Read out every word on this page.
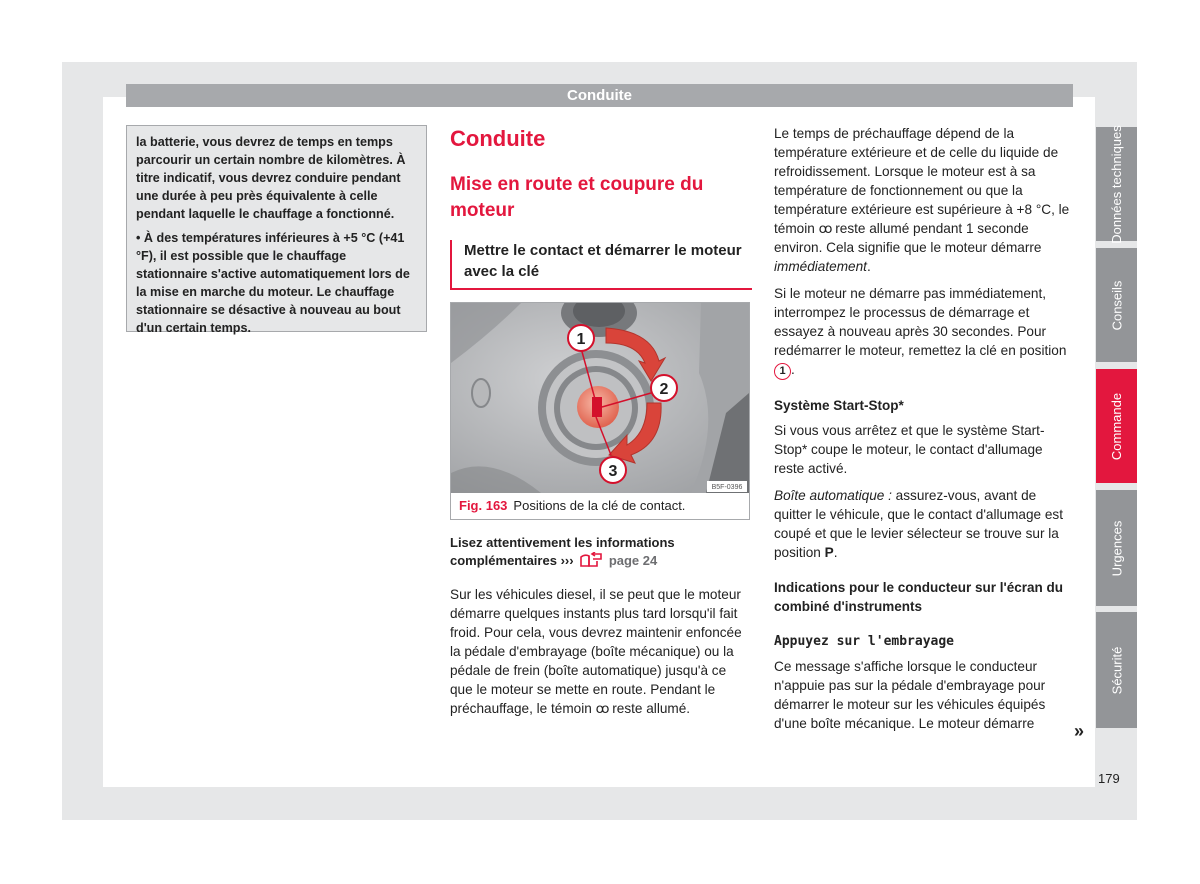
Conduite

la batterie, vous devrez de temps en temps parcourir un certain nombre de kilomètres. À titre indicatif, vous devrez conduire pendant une durée à peu près équivalente à celle pendant laquelle le chauffage a fonctionné.

• À des températures inférieures à +5 °C (+41 °F), il est possible que le chauffage stationnaire s'active automatiquement lors de la mise en marche du moteur. Le chauffage stationnaire se désactive à nouveau au bout d'un certain temps.

Conduite
Mise en route et coupure du moteur
Mettre le contact et démarrer le moteur avec la clé
1
2
3
B5F-0396
Fig. 163 Positions de la clé de contact.
Lisez attentivement les informations complémentaires ›››	page 24
Sur les véhicules diesel, il se peut que le moteur démarre quelques instants plus tard lorsqu'il fait froid. Pour cela, vous devrez maintenir enfoncée la pédale d'embrayage (boîte mécanique) ou la pédale de frein (boîte automatique) jusqu'à ce que le moteur se mette en route. Pendant le préchauffage, le témoin ꝏ reste allumé.

Le temps de préchauffage dépend de la température extérieure et de celle du liquide de refroidissement. Lorsque le moteur est à sa température de fonctionnement ou que la température extérieure est supérieure à +8 °C, le témoin ꝏ reste allumé pendant 1 seconde environ. Cela signifie que le moteur démarre immédiatement.

Si le moteur ne démarre pas immédiatement, interrompez le processus de démarrage et essayez à nouveau après 30 secondes. Pour redémarrer le moteur, remettez la clé en position 1 .

Système Start-Stop*

Si vous vous arrêtez et que le système Start-Stop* coupe le moteur, le contact d'allumage reste activé.

Boîte automatique : assurez-vous, avant de quitter le véhicule, que le contact d'allumage est coupé et que le levier sélecteur se trouve sur la position P.

Indications pour le conducteur sur l'écran du combiné d'instruments
Appuyez sur l'embrayage

Ce message s'affiche lorsque le conducteur n'appuie pas sur la pédale d'embrayage pour démarrer le moteur sur les véhicules équipés d'une boîte mécanique. Le moteur démarre	»
Données techniques
Conseils
Commande
Urgences
Sécurité
179
